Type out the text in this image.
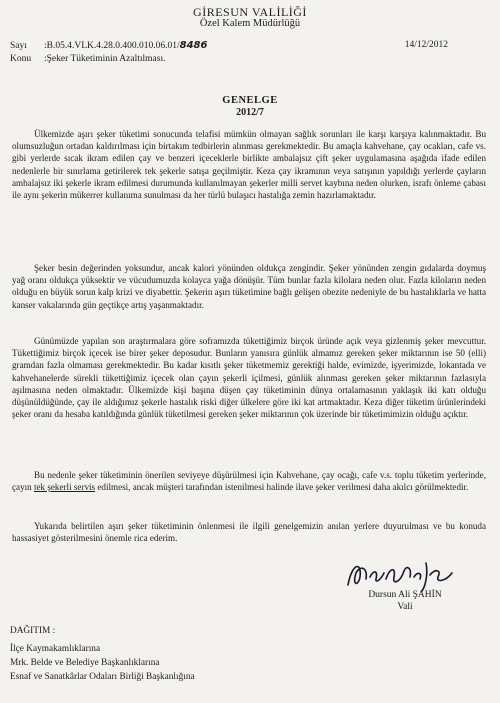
GİRESUN VALİLİĞİ
Özel Kalem Müdürlüğü
Sayı :B.05.4.VLK.4.28.0.400.010.06.01/8486	14/12/2012
Konu :Şeker Tüketiminin Azaltılması.
GENELGE
2012/7

Ülkemizde aşırı şeker tüketimi sonucunda telafisi mümkün olmayan sağlık sorunları ile karşı karşıya kalınmaktadır. Bu olumsuzluğun ortadan kaldırılması için birtakım tedbirlerin alınması gerekmektedir. Bu amaçla kahvehane, çay ocakları, cafe vs. gibi yerlerde sıcak ikram edilen çay ve benzeri içeceklerle birlikte ambalajsız çift şeker uygulamasına aşağıda ifade edilen nedenlerle bir sınırlama getirilerek tek şekerle satışa geçilmiştir. Keza çay ikramının veya satışının yapıldığı yerlerde çayların ambalajsız iki şekerle ikram edilmesi durumunda kullanılmayan şekerler milli servet kaybına neden olurken, israfı önleme çabası ile aynı şekerin mükerrer kullanıma sunulması da her türlü bulaşıcı hastalığa zemin hazırlamaktadır.

Şeker besin değerinden yoksundur, ancak kalori yönünden oldukça zengindir. Şeker yönünden zengin gıdalarda doymuş yağ oranı oldukça yüksektir ve vücudumuzda kolayca yağa dönüşür. Tüm bunlar fazla kilolara neden olur. Fazla kiloların neden olduğu en büyük sorun kalp krizi ve diyabettir. Şekerin aşırı tüketimine bağlı gelişen obezite nedeniyle de bu hastalıklarla ve hatta kanser vakalarında gün geçtikçe artış yaşanmaktadır.

Günümüzde yapılan son araştırmalara göre soframızda tükettiğimiz birçok üründe açık veya gizlenmiş şeker mevcuttur. Tükettiğimiz birçok içecek ise birer şeker deposudur. Bunların yanısıra günlük almamız gereken şeker miktarının ise 50 (elli) gramdan fazla olmaması gerekmektedir. Bu kadar kısıtlı şeker tüketmemiz gerektiği halde, evimizde, işyerimizde, lokantada ve kahvehanelerde sürekli tükettiğimiz içecek olan çayın şekerli içilmesi, günlük alınması gereken şeker miktarının fazlasıyla aşılmasına neden olmaktadır. Ülkemizde kişi başına düşen çay tüketiminin dünya ortalamasının yaklaşık iki katı olduğu düşünüldüğünde, çay ile aldığımız şekerle hastalık riski diğer ülkelere göre iki kat artmaktadır. Keza diğer tüketim ürünlerindeki şeker oranı da hesaba katıldığında günlük tüketilmesi gereken şeker miktarının çok üzerinde bir tüketimimizin olduğu açıktır.

Bu nedenle şeker tüketiminin önerilen seviyeye düşürülmesi için Kahvehane, çay ocağı, cafe v.s. toplu tüketim yerlerinde, çayın tek şekerli servis edilmesi, ancak müşteri tarafından istenilmesi halinde ilave şeker verilmesi daha akılcı görülmektedir.

Yukarıda belirtilen aşırı şeker tüketiminin önlenmesi ile ilgili genelgemizin anılan yerlere duyurulması ve bu konuda hassasiyet gösterilmesini önemle rica ederim.

Dursun Ali ŞAHİN
Vali
DAĞITIM :
İlçe Kaymakamlıklarına
Mrk. Belde ve Belediye Başkanlıklarına
Esnaf ve Sanatkârlar Odaları Birliği Başkanlığına
